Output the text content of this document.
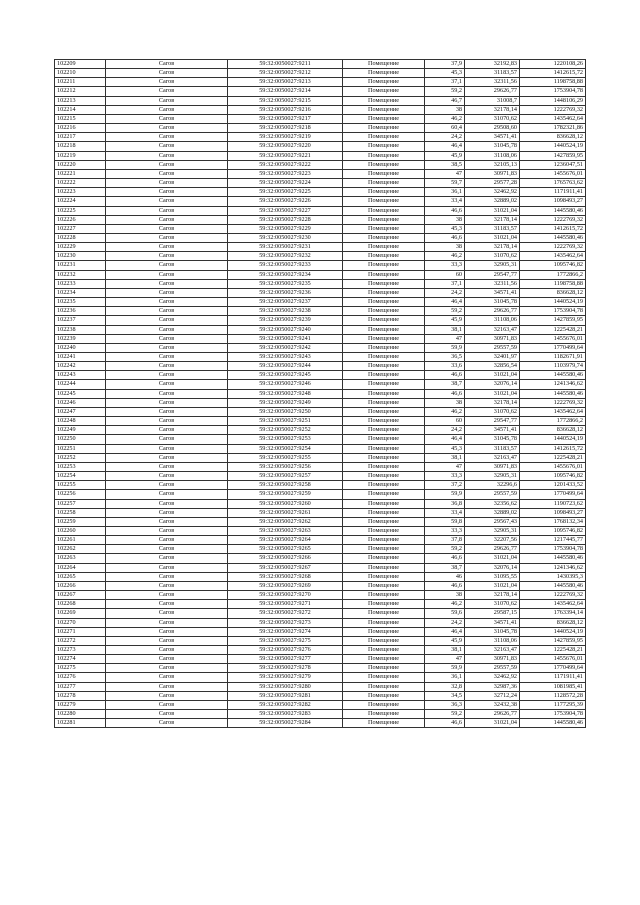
102209	Сагов	59:32:0050027:9211	Помещение	37,9	32192,83	1220108,26
102210	Сагов	59:32:0050027:9212	Помещение	45,3	31183,57	1412615,72
102211	Сагов	59:32:0050027:9213	Помещение	37,1	32311,56	1198758,88
102212	Сагов	59:32:0050027:9214	Помещение	59,2	29626,77	1753904,78
102213	Сагов	59:32:0050027:9215	Помещение	46,7	31008,7	1448106,29
102214	Сагов	59:32:0050027:9216	Помещение	38	32178,14	1222769,32
102215	Сагов	59:32:0050027:9217	Помещение	46,2	31070,62	1435462,64
102216	Сагов	59:32:0050027:9218	Помещение	60,4	29508,60	1782321,86
102217	Сагов	59:32:0050027:9219	Помещение	24,2	34571,41	836628,12
102218	Сагов	59:32:0050027:9220	Помещение	46,4	31045,78	1440524,19
102219	Сагов	59:32:0050027:9221	Помещение	45,9	31108,06	1427859,95
102220	Сагов	59:32:0050027:9222	Помещение	38,5	32105,13	1236047,51
102221	Сагов	59:32:0050027:9223	Помещение	47	30971,83	1455676,01
102222	Сагов	59:32:0050027:9224	Помещение	59,7	29577,28	1765763,62
102223	Сагов	59:32:0050027:9225	Помещение	36,1	32462,92	1171911,41
102224	Сагов	59:32:0050027:9226	Помещение	33,4	32889,02	1098493,27
102225	Сагов	59:32:0050027:9227	Помещение	46,6	31021,04	1445580,46
102226	Сагов	59:32:0050027:9228	Помещение	38	32178,14	1222769,32
102227	Сагов	59:32:0050027:9229	Помещение	45,3	31183,57	1412615,72
102228	Сагов	59:32:0050027:9230	Помещение	46,6	31021,04	1445580,46
102229	Сагов	59:32:0050027:9231	Помещение	38	32178,14	1222769,32
102230	Сагов	59:32:0050027:9232	Помещение	46,2	31070,62	1435462,64
102231	Сагов	59:32:0050027:9233	Помещение	33,3	32905,31	1095746,82
102232	Сагов	59:32:0050027:9234	Помещение	60	29547,77	1772866,2
102233	Сагов	59:32:0050027:9235	Помещение	37,1	32311,56	1198758,88
102234	Сагов	59:32:0050027:9236	Помещение	24,2	34571,41	836628,12
102235	Сагов	59:32:0050027:9237	Помещение	46,4	31045,78	1440524,19
102236	Сагов	59:32:0050027:9238	Помещение	59,2	29626,77	1753904,78
102237	Сагов	59:32:0050027:9239	Помещение	45,9	31108,06	1427859,95
102238	Сагов	59:32:0050027:9240	Помещение	38,1	32163,47	1225428,21
102239	Сагов	59:32:0050027:9241	Помещение	47	30971,83	1455676,01
102240	Сагов	59:32:0050027:9242	Помещение	59,9	29557,59	1770499,64
102241	Сагов	59:32:0050027:9243	Помещение	36,5	32401,97	1182671,91
102242	Сагов	59:32:0050027:9244	Помещение	33,6	32856,54	1103979,74
102243	Сагов	59:32:0050027:9245	Помещение	46,6	31021,04	1445580,46
102244	Сагов	59:32:0050027:9246	Помещение	38,7	32076,14	1241346,62
102245	Сагов	59:32:0050027:9248	Помещение	46,6	31021,04	1445580,46
102246	Сагов	59:32:0050027:9249	Помещение	38	32178,14	1222769,32
102247	Сагов	59:32:0050027:9250	Помещение	46,2	31070,62	1435462,64
102248	Сагов	59:32:0050027:9251	Помещение	60	29547,77	1772866,2
102249	Сагов	59:32:0050027:9252	Помещение	24,2	34571,41	836628,12
102250	Сагов	59:32:0050027:9253	Помещение	46,4	31045,78	1440524,19
102251	Сагов	59:32:0050027:9254	Помещение	45,3	31183,57	1412615,72
102252	Сагов	59:32:0050027:9255	Помещение	38,1	32163,47	1225428,21
102253	Сагов	59:32:0050027:9256	Помещение	47	30971,83	1455676,01
102254	Сагов	59:32:0050027:9257	Помещение	33,3	32905,31	1095746,82
102255	Сагов	59:32:0050027:9258	Помещение	37,2	32296,6	1201433,52
102256	Сагов	59:32:0050027:9259	Помещение	59,9	29557,59	1770499,64
102257	Сагов	59:32:0050027:9260	Помещение	36,8	32356,62	1190723,62
102258	Сагов	59:32:0050027:9261	Помещение	33,4	32889,02	1098493,27
102259	Сагов	59:32:0050027:9262	Помещение	59,8	29567,43	1768132,34
102260	Сагов	59:32:0050027:9263	Помещение	33,3	32905,31	1095746,82
102261	Сагов	59:32:0050027:9264	Помещение	37,8	32207,56	1217445,77
102262	Сагов	59:32:0050027:9265	Помещение	59,2	29626,77	1753904,78
102263	Сагов	59:32:0050027:9266	Помещение	46,6	31021,04	1445580,46
102264	Сагов	59:32:0050027:9267	Помещение	38,7	32076,14	1241346,62
102265	Сагов	59:32:0050027:9268	Помещение	46	31095,55	1430395,3
102266	Сагов	59:32:0050027:9269	Помещение	46,6	31021,04	1445580,46
102267	Сагов	59:32:0050027:9270	Помещение	38	32178,14	1222769,32
102268	Сагов	59:32:0050027:9271	Помещение	46,2	31070,62	1435462,64
102269	Сагов	59:32:0050027:9272	Помещение	59,6	29587,15	1763394,14
102270	Сагов	59:32:0050027:9273	Помещение	24,2	34571,41	836628,12
102271	Сагов	59:32:0050027:9274	Помещение	46,4	31045,78	1440524,19
102272	Сагов	59:32:0050027:9275	Помещение	45,9	31108,06	1427859,95
102273	Сагов	59:32:0050027:9276	Помещение	38,1	32163,47	1225428,21
102274	Сагов	59:32:0050027:9277	Помещение	47	30971,83	1455676,01
102275	Сагов	59:32:0050027:9278	Помещение	59,9	29557,59	1770499,64
102276	Сагов	59:32:0050027:9279	Помещение	36,1	32462,92	1171911,41
102277	Сагов	59:32:0050027:9280	Помещение	32,8	32987,36	1081985,41
102278	Сагов	59:32:0050027:9281	Помещение	34,5	32712,24	1128572,28
102279	Сагов	59:32:0050027:9282	Помещение	36,3	32432,38	1177295,39
102280	Сагов	59:32:0050027:9283	Помещение	59,2	29626,77	1753904,78
102281	Сагов	59:32:0050027:9284	Помещение	46,6	31021,04	1445580,46
